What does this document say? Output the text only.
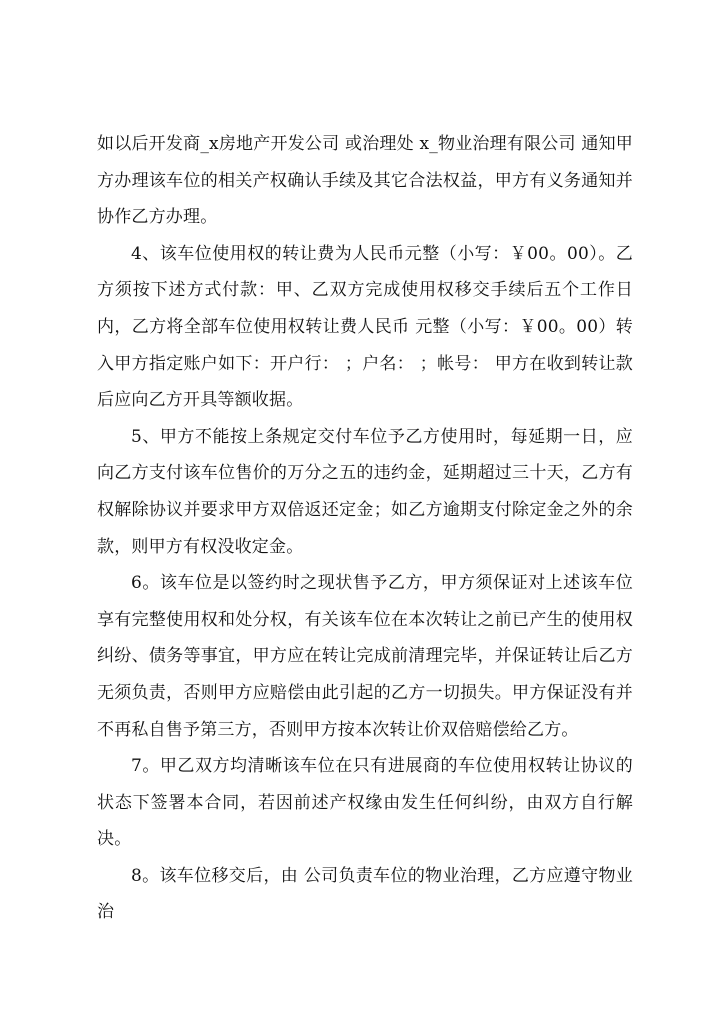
如以后开发商_x房地产开发公司 或治理处 x_物业治理有限公司 通知甲方办理该车位的相关产权确认手续及其它合法权益，甲方有义务通知并协作乙方办理。

4、该车位使用权的转让费为人民币元整（小写：￥00。00）。乙方须按下述方式付款：甲、乙双方完成使用权移交手续后五个工作日内，乙方将全部车位使用权转让费人民币 元整（小写：￥00。00）转入甲方指定账户如下：开户行： ；户名： ；帐号： 甲方在收到转让款后应向乙方开具等额收据。

5、甲方不能按上条规定交付车位予乙方使用时，每延期一日，应向乙方支付该车位售价的万分之五的违约金，延期超过三十天，乙方有权解除协议并要求甲方双倍返还定金；如乙方逾期支付除定金之外的余款，则甲方有权没收定金。

6。该车位是以签约时之现状售予乙方，甲方须保证对上述该车位享有完整使用权和处分权，有关该车位在本次转让之前已产生的使用权纠纷、债务等事宜，甲方应在转让完成前清理完毕，并保证转让后乙方无须负责，否则甲方应赔偿由此引起的乙方一切损失。甲方保证没有并不再私自售予第三方，否则甲方按本次转让价双倍赔偿给乙方。

7。甲乙双方均清晰该车位在只有进展商的车位使用权转让协议的状态下签署本合同，若因前述产权缘由发生任何纠纷，由双方自行解决。

8。该车位移交后，由 公司负责车位的物业治理，乙方应遵守物业治
